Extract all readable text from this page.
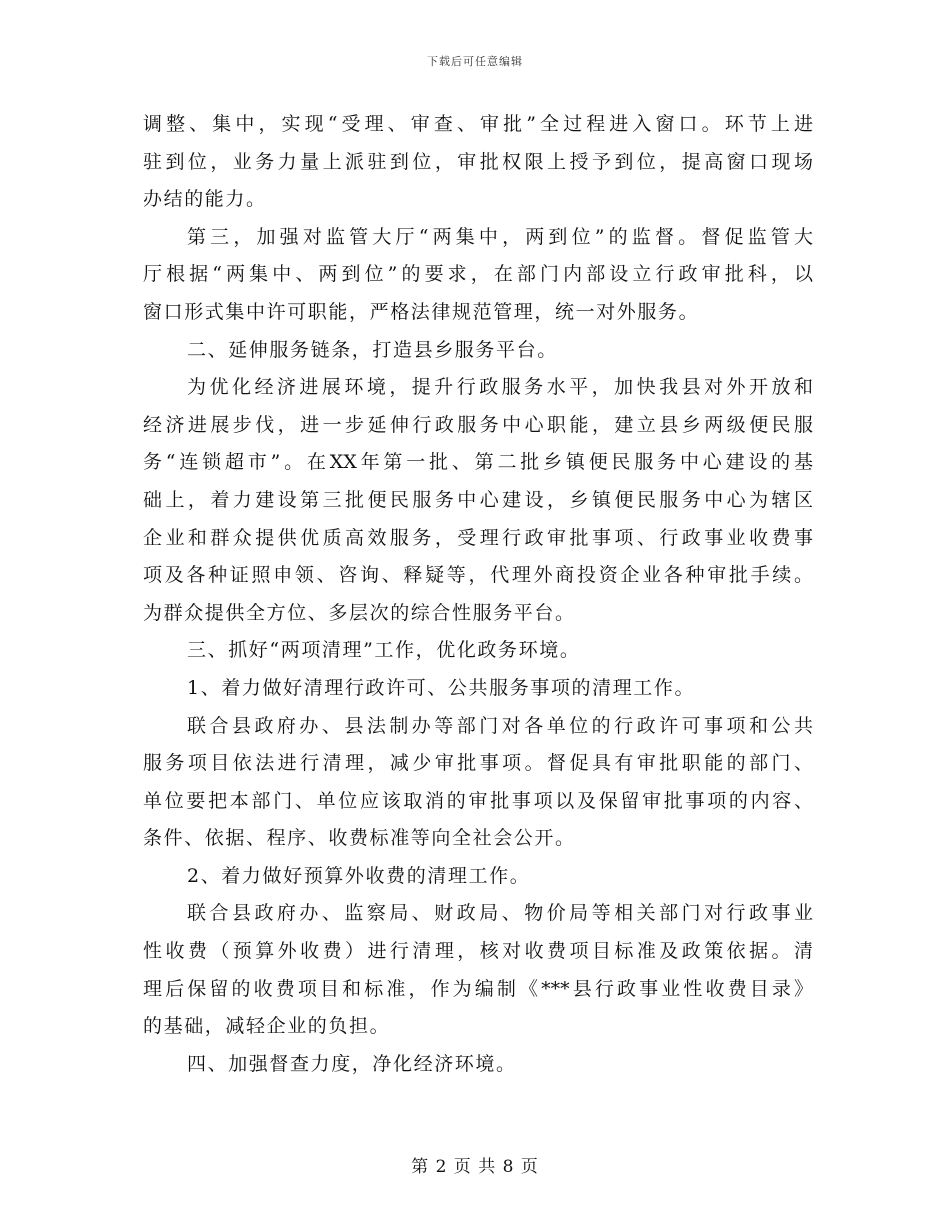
下载后可任意编辑
调整、集中，实现“受理、审查、审批”全过程进入窗口。环节上进
驻到位，业务力量上派驻到位，审批权限上授予到位，提高窗口现场
办结的能力。
第三，加强对监管大厅“两集中，两到位”的监督。督促监管大
厅根据“两集中、两到位”的要求，在部门内部设立行政审批科，以
窗口形式集中许可职能，严格法律规范管理，统一对外服务。
二、延伸服务链条，打造县乡服务平台。
为优化经济进展环境，提升行政服务水平，加快我县对外开放和
经济进展步伐，进一步延伸行政服务中心职能，建立县乡两级便民服
务“连锁超市”。在XX年第一批、第二批乡镇便民服务中心建设的基
础上，着力建设第三批便民服务中心建设，乡镇便民服务中心为辖区
企业和群众提供优质高效服务，受理行政审批事项、行政事业收费事
项及各种证照申领、咨询、释疑等，代理外商投资企业各种审批手续。
为群众提供全方位、多层次的综合性服务平台。
三、抓好“两项清理”工作，优化政务环境。
1、着力做好清理行政许可、公共服务事项的清理工作。
联合县政府办、县法制办等部门对各单位的行政许可事项和公共
服务项目依法进行清理，减少审批事项。督促具有审批职能的部门、
单位要把本部门、单位应该取消的审批事项以及保留审批事项的内容、
条件、依据、程序、收费标准等向全社会公开。
2、着力做好预算外收费的清理工作。
联合县政府办、监察局、财政局、物价局等相关部门对行政事业
性收费（预算外收费）进行清理，核对收费项目标准及政策依据。清
理后保留的收费项目和标准，作为编制《***县行政事业性收费目录》
的基础，减轻企业的负担。
四、加强督查力度，净化经济环境。
第 2 页 共 8 页
